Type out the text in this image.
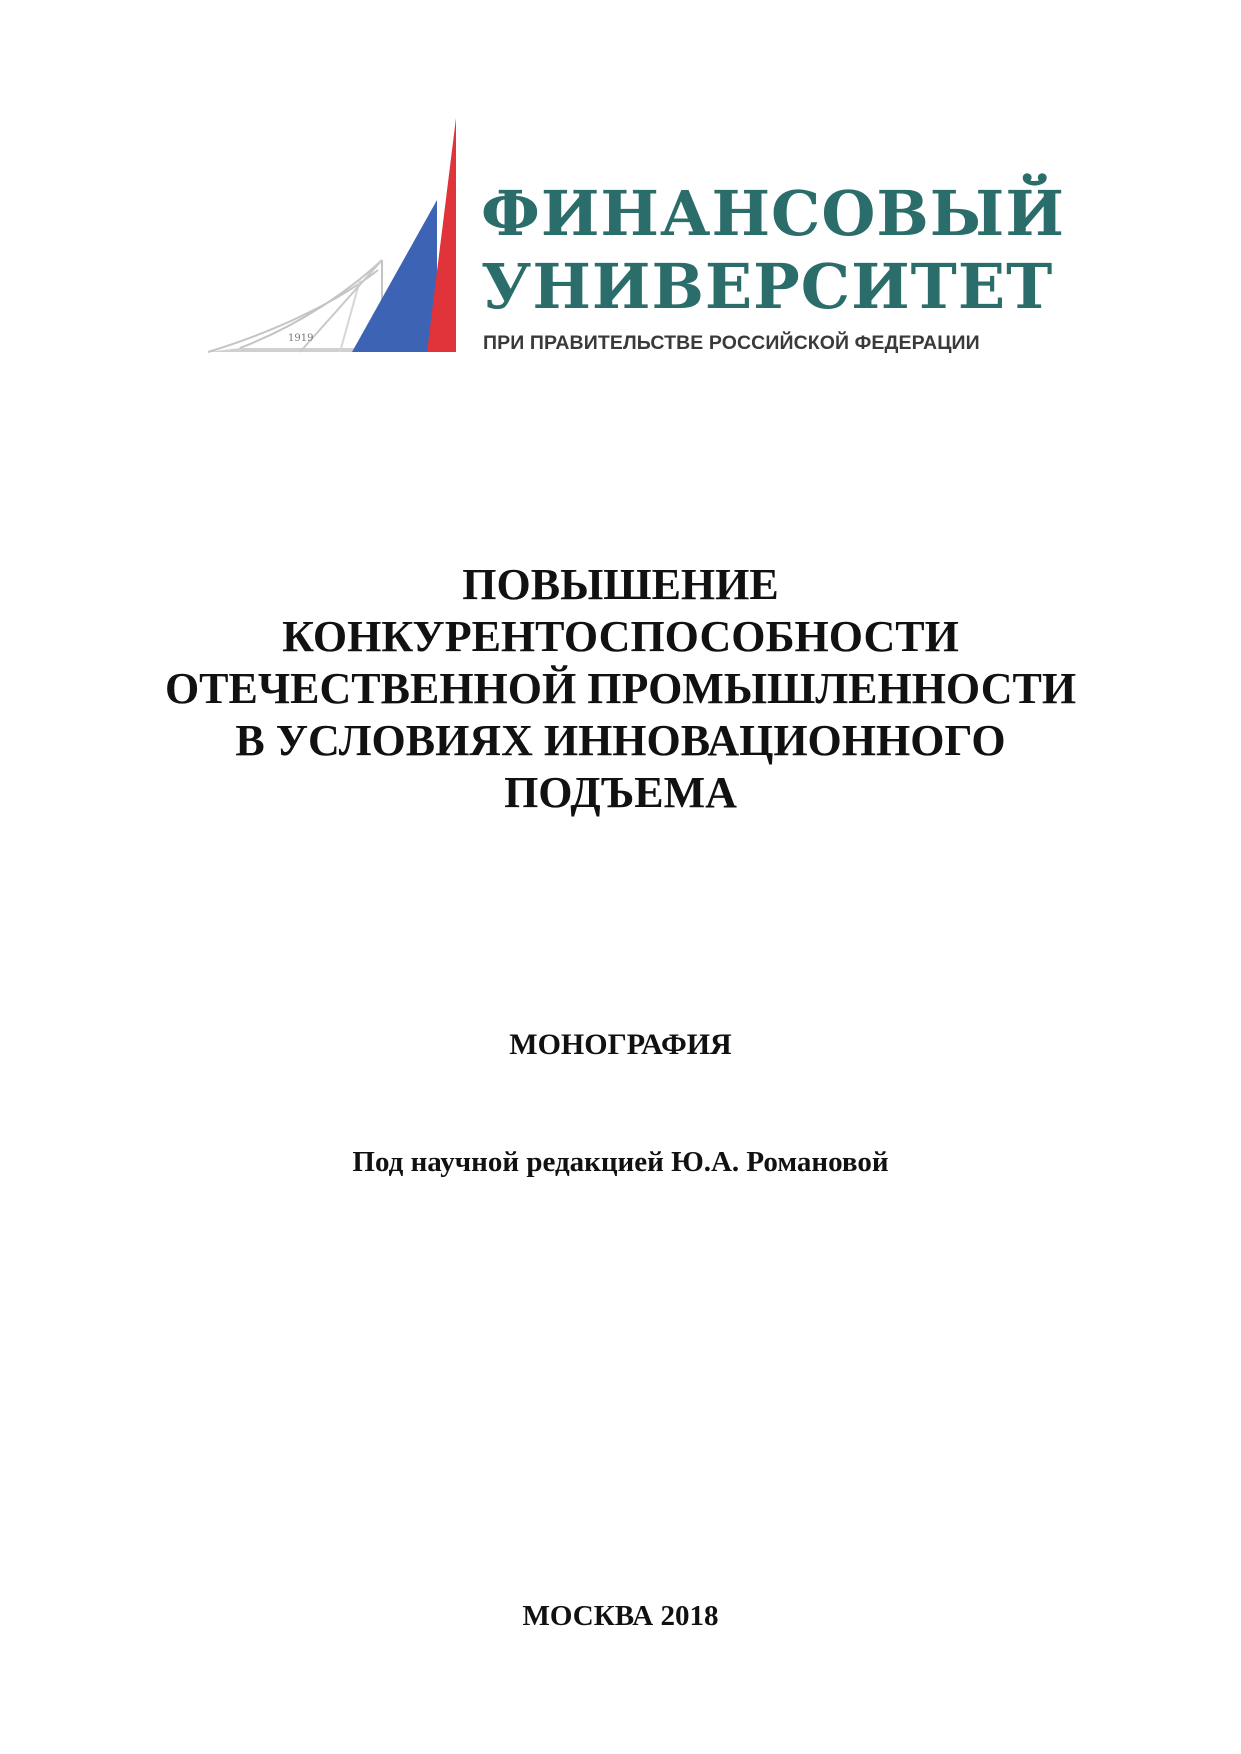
1919
ФИНАНСОВЫЙ
УНИВЕРСИТЕТ
ПРИ ПРАВИТЕЛЬСТВЕ РОССИЙСКОЙ ФЕДЕРАЦИИ
ПОВЫШЕНИЕ
КОНКУРЕНТОСПОСОБНОСТИ
ОТЕЧЕСТВЕННОЙ ПРОМЫШЛЕННОСТИ
В УСЛОВИЯХ ИННОВАЦИОННОГО
ПОДЪЕМА
МОНОГРАФИЯ
Под научной редакцией Ю.А. Романовой
МОСКВА 2018
